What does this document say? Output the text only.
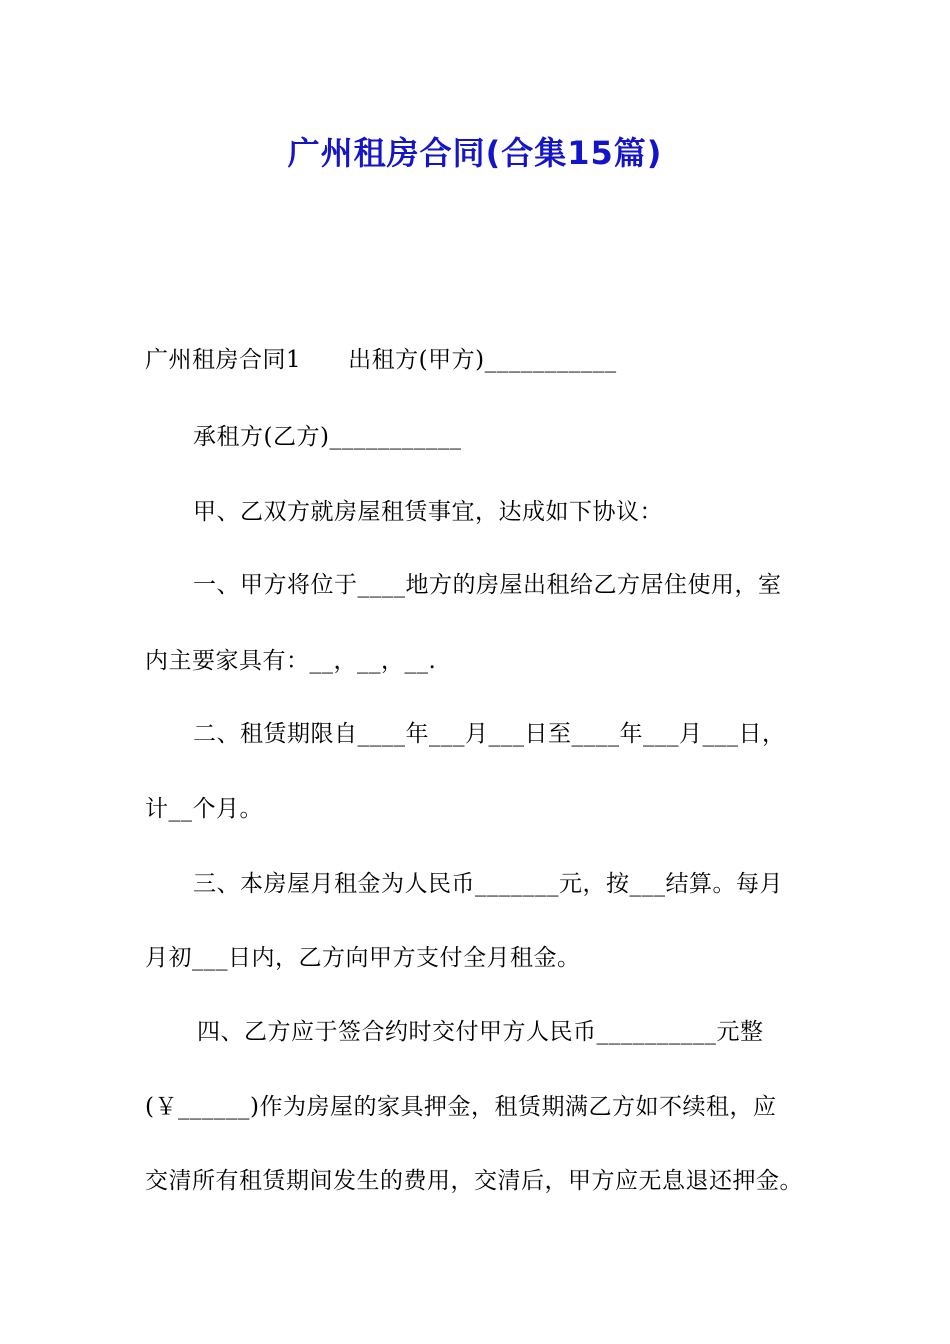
广州租房合同(合集15篇)
广州租房合同1　　出租方(甲方)___________
承租方(乙方)___________
甲、乙双方就房屋租赁事宜，达成如下协议：
一、甲方将位于____地方的房屋出租给乙方居住使用，室
内主要家具有：__，__，__.
二、租赁期限自____年___月___日至____年___月___日，
计__个月。
三、本房屋月租金为人民币_______元，按___结算。每月
月初___日内，乙方向甲方支付全月租金。
四、乙方应于签合约时交付甲方人民币__________元整
(￥______)作为房屋的家具押金，租赁期满乙方如不续租，应
交清所有租赁期间发生的费用，交清后，甲方应无息退还押金。
